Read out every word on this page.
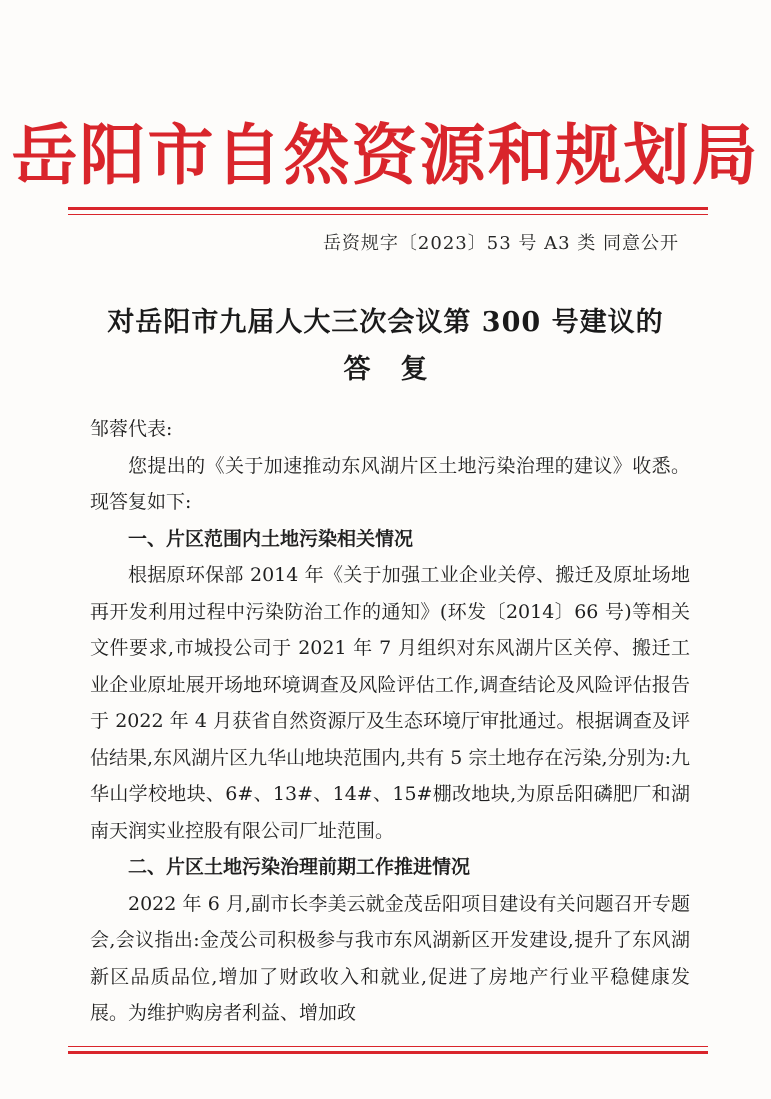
岳阳市自然资源和规划局
岳资规字〔2023〕53 号 A3 类 同意公开
对岳阳市九届人大三次会议第 300 号建议的
答复

邹蓉代表:

您提出的《关于加速推动东风湖片区土地污染治理的建议》收悉。现答复如下:

一、片区范围内土地污染相关情况

根据原环保部 2014 年《关于加强工业企业关停、搬迁及原址场地再开发利用过程中污染防治工作的通知》(环发〔2014〕66 号)等相关文件要求,市城投公司于 2021 年 7 月组织对东风湖片区关停、搬迁工业企业原址展开场地环境调查及风险评估工作,调查结论及风险评估报告于 2022 年 4 月获省自然资源厅及生态环境厅审批通过。根据调查及评估结果,东风湖片区九华山地块范围内,共有 5 宗土地存在污染,分别为:九华山学校地块、6#、13#、14#、15#棚改地块,为原岳阳磷肥厂和湖南天润实业控股有限公司厂址范围。

二、片区土地污染治理前期工作推进情况

2022 年 6 月,副市长李美云就金茂岳阳项目建设有关问题召开专题会,会议指出:金茂公司积极参与我市东风湖新区开发建设,提升了东风湖新区品质品位,增加了财政收入和就业,促进了房地产行业平稳健康发展。为维护购房者利益、增加政
